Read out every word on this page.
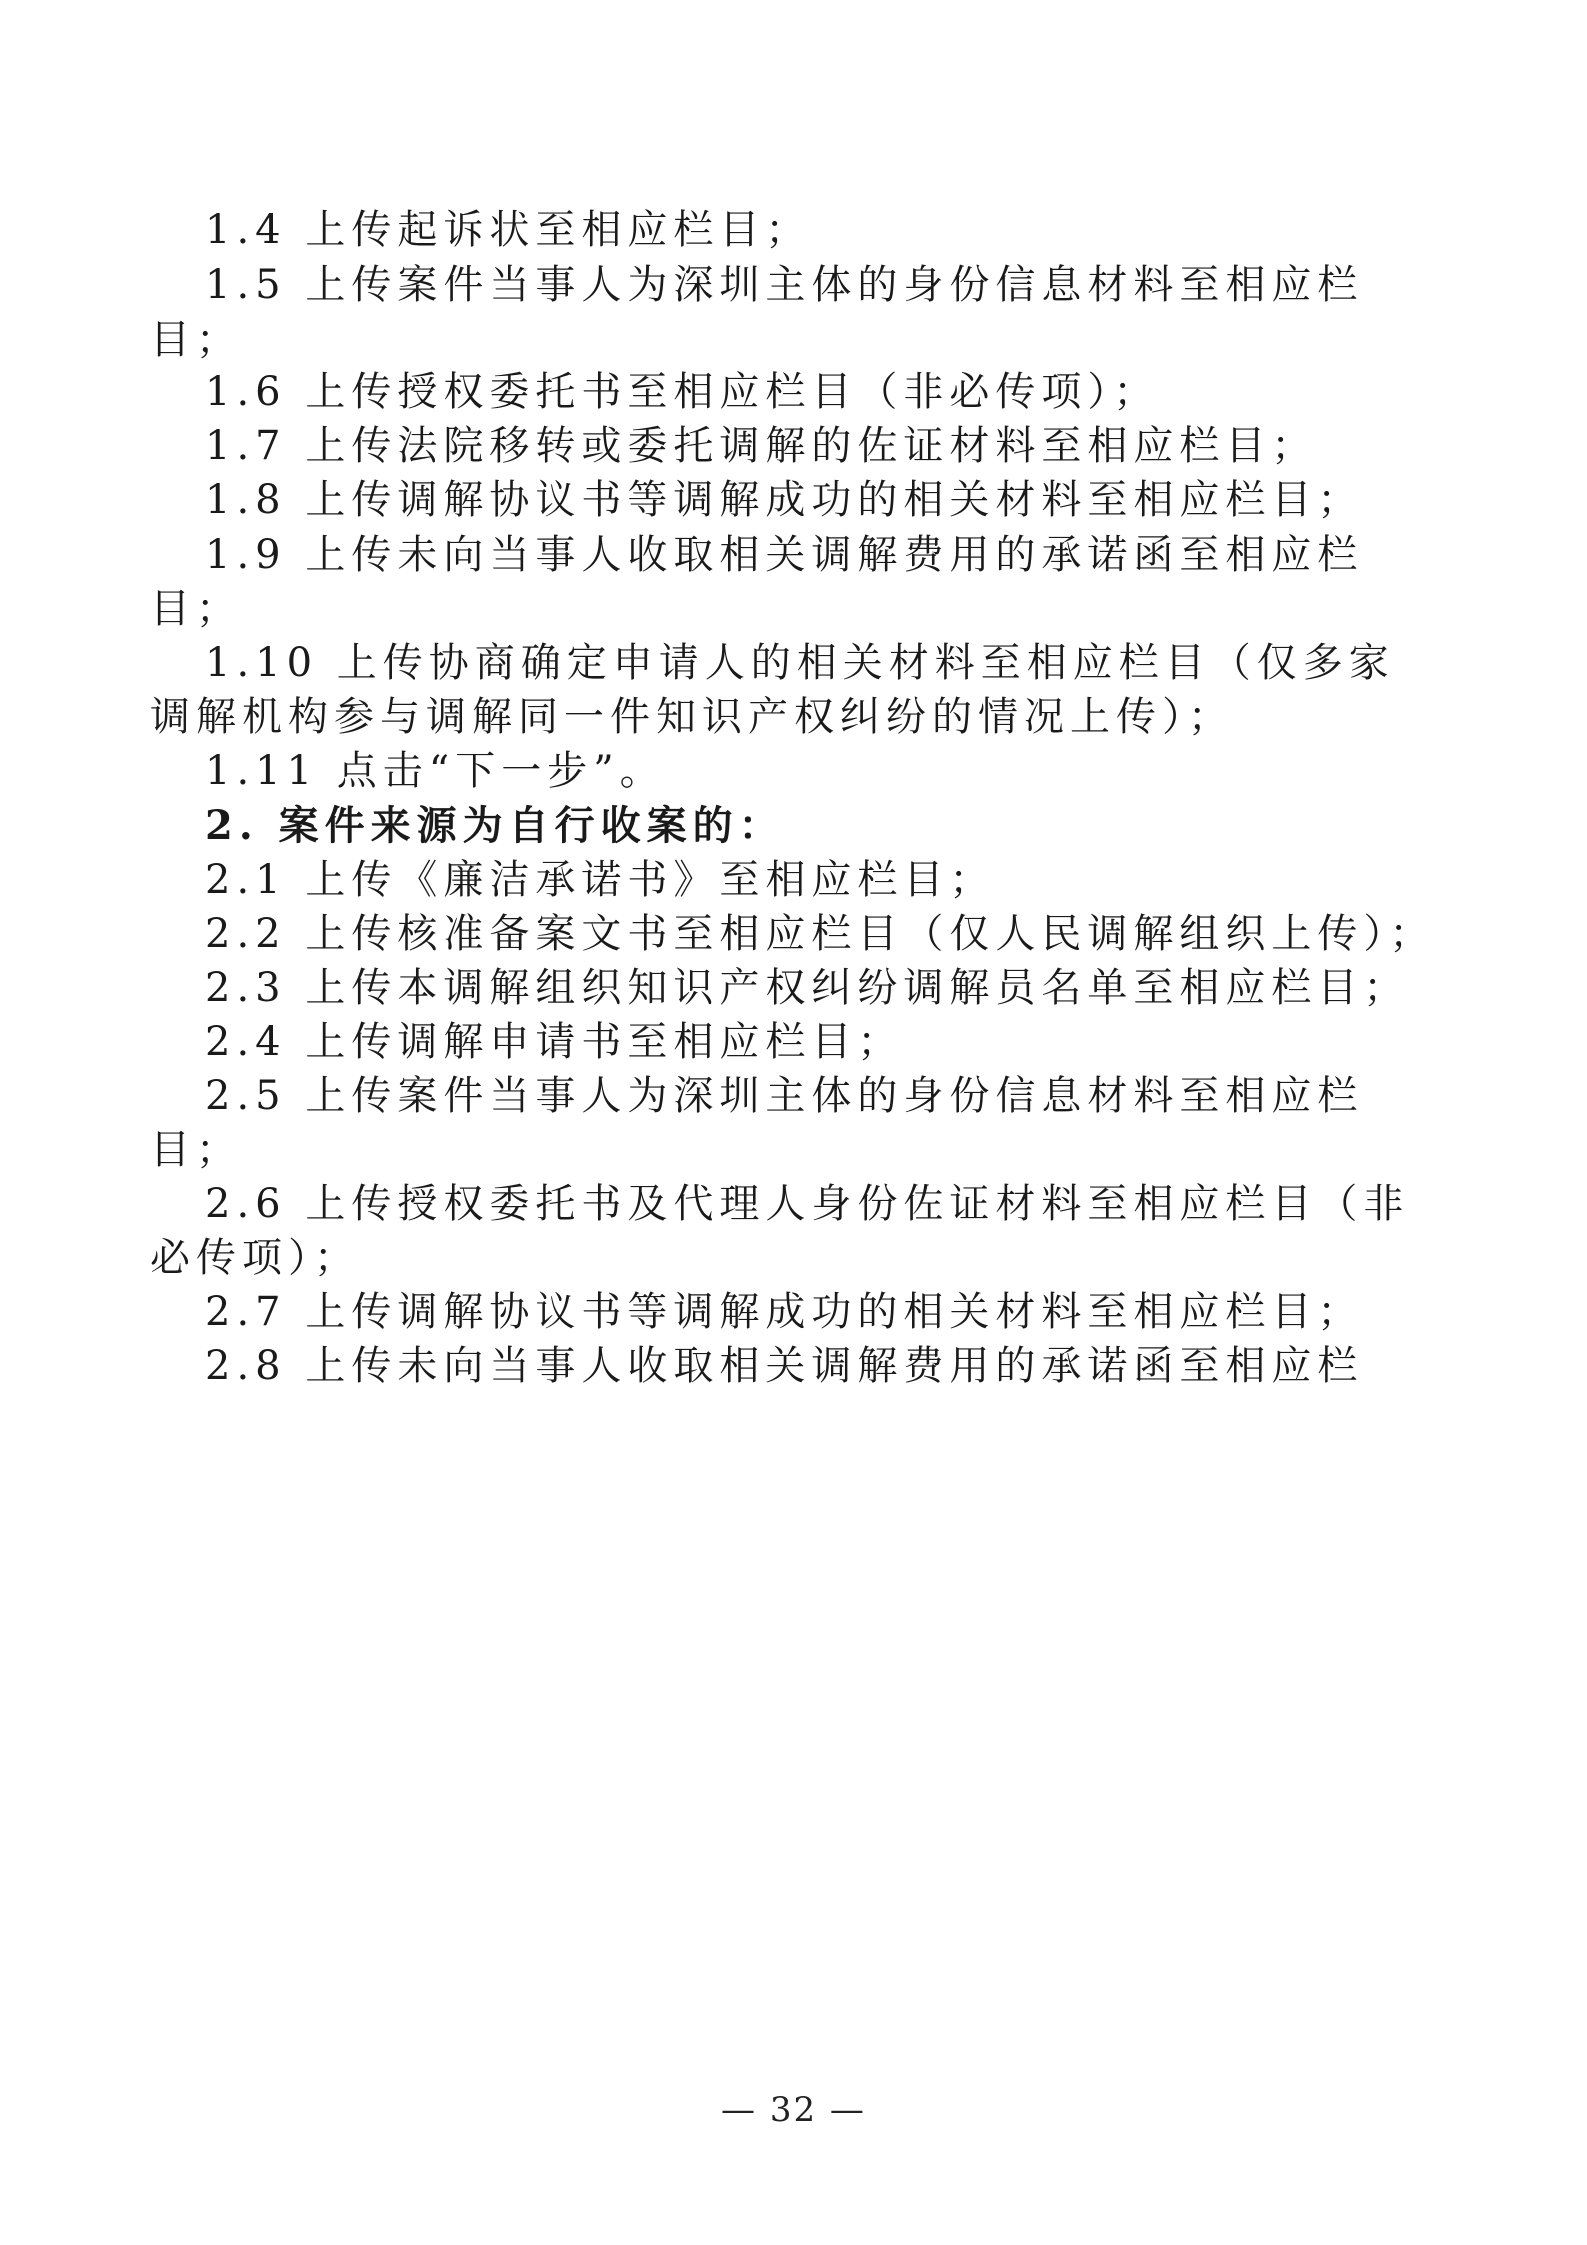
1.4 上传起诉状至相应栏目；
1.5 上传案件当事人为深圳主体的身份信息材料至相应栏
目；
1.6 上传授权委托书至相应栏目（非必传项）；
1.7 上传法院移转或委托调解的佐证材料至相应栏目；
1.8 上传调解协议书等调解成功的相关材料至相应栏目；
1.9 上传未向当事人收取相关调解费用的承诺函至相应栏
目；
1.10 上传协商确定申请人的相关材料至相应栏目（仅多家
调解机构参与调解同一件知识产权纠纷的情况上传）；
1.11 点击“下一步”。
2. 案件来源为自行收案的：
2.1 上传《廉洁承诺书》至相应栏目；
2.2 上传核准备案文书至相应栏目（仅人民调解组织上传）；
2.3 上传本调解组织知识产权纠纷调解员名单至相应栏目；
2.4 上传调解申请书至相应栏目；
2.5 上传案件当事人为深圳主体的身份信息材料至相应栏
目；
2.6 上传授权委托书及代理人身份佐证材料至相应栏目（非
必传项）；
2.7 上传调解协议书等调解成功的相关材料至相应栏目；
2.8 上传未向当事人收取相关调解费用的承诺函至相应栏
— 32 —
